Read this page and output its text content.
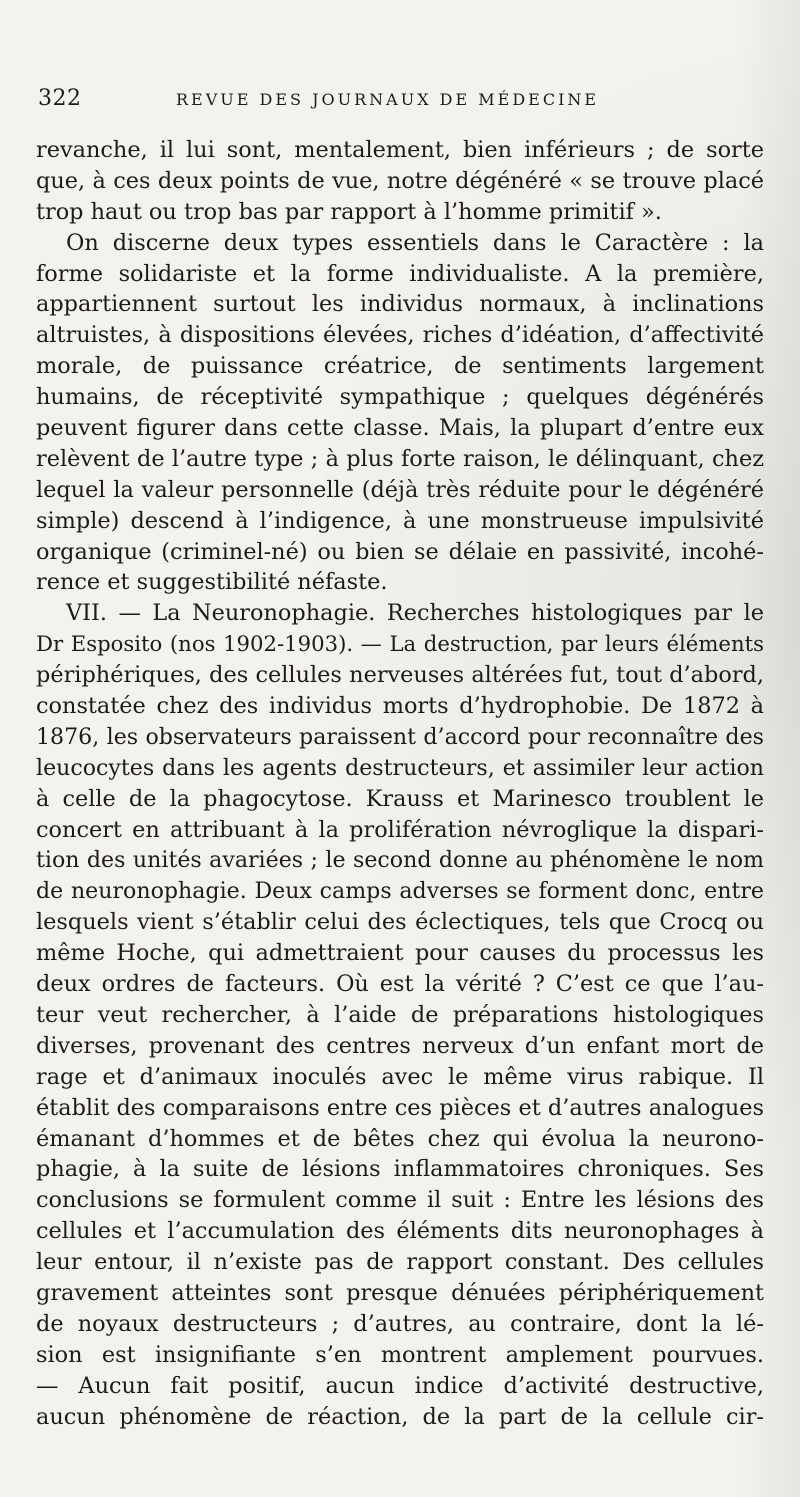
322	REVUE DES JOURNAUX DE MÉDECINE
revanche, il lui sont, mentalement, bien inférieurs ; de sorte
que, à ces deux points de vue, notre dégénéré « se trouve placé
trop haut ou trop bas par rapport à l’homme primitif ».
On discerne deux types essentiels dans le Caractère : la
forme solidariste et la forme individualiste. A la première,
appartiennent surtout les individus normaux, à inclinations
altruistes, à dispositions élevées, riches d’idéation, d’affectivité
morale, de puissance créatrice, de sentiments largement
humains, de réceptivité sympathique ; quelques dégénérés
peuvent figurer dans cette classe. Mais, la plupart d’entre eux
relèvent de l’autre type ; à plus forte raison, le délinquant, chez
lequel la valeur personnelle (déjà très réduite pour le dégénéré
simple) descend à l’indigence, à une monstrueuse impulsivité
organique (criminel-né) ou bien se délaie en passivité, incohé-
rence et suggestibilité néfaste.
VII. — La Neuronophagie. Recherches histologiques par le
Dr Esposito (nos 1902-1903). — La destruction, par leurs éléments
périphériques, des cellules nerveuses altérées fut, tout d’abord,
constatée chez des individus morts d’hydrophobie. De 1872 à
1876, les observateurs paraissent d’accord pour reconnaître des
leucocytes dans les agents destructeurs, et assimiler leur action
à celle de la phagocytose. Krauss et Marinesco troublent le
concert en attribuant à la prolifération névroglique la dispari-
tion des unités avariées ; le second donne au phénomène le nom
de neuronophagie. Deux camps adverses se forment donc, entre
lesquels vient s’établir celui des éclectiques, tels que Crocq ou
même Hoche, qui admettraient pour causes du processus les
deux ordres de facteurs. Où est la vérité ? C’est ce que l’au-
teur veut rechercher, à l’aide de préparations histologiques
diverses, provenant des centres nerveux d’un enfant mort de
rage et d’animaux inoculés avec le même virus rabique. Il
établit des comparaisons entre ces pièces et d’autres analogues
émanant d’hommes et de bêtes chez qui évolua la neurono-
phagie, à la suite de lésions inflammatoires chroniques. Ses
conclusions se formulent comme il suit : Entre les lésions des
cellules et l’accumulation des éléments dits neuronophages à
leur entour, il n’existe pas de rapport constant. Des cellules
gravement atteintes sont presque dénuées périphériquement
de noyaux destructeurs ; d’autres, au contraire, dont la lé-
sion est insignifiante s’en montrent amplement pourvues.
— Aucun fait positif, aucun indice d’activité destructive,
aucun phénomène de réaction, de la part de la cellule cir-
